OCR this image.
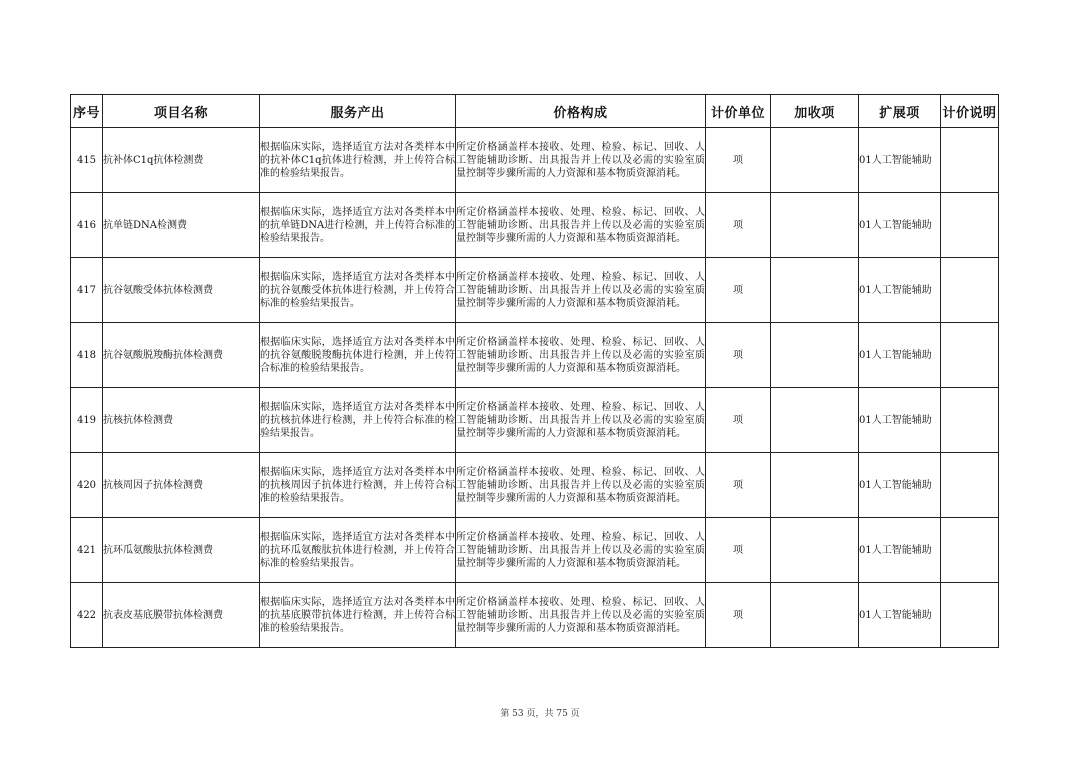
序号	项目名称	服务产出	价格构成	计价单位	加收项	扩展项	计价说明
415	抗补体C1q抗体检测费	根据临床实际，选择适宜方法对各类样本中的抗补体C1q抗体进行检测，并上传符合标准的检验结果报告。	所定价格涵盖样本接收、处理、检验、标记、回收、人工智能辅助诊断、出具报告并上传以及必需的实验室质量控制等步骤所需的人力资源和基本物质资源消耗。	项		01人工智能辅助	
416	抗单链DNA检测费	根据临床实际，选择适宜方法对各类样本中的抗单链DNA进行检测，并上传符合标准的检验结果报告。	所定价格涵盖样本接收、处理、检验、标记、回收、人工智能辅助诊断、出具报告并上传以及必需的实验室质量控制等步骤所需的人力资源和基本物质资源消耗。	项		01人工智能辅助	
417	抗谷氨酸受体抗体检测费	根据临床实际，选择适宜方法对各类样本中的抗谷氨酸受体抗体进行检测，并上传符合标准的检验结果报告。	所定价格涵盖样本接收、处理、检验、标记、回收、人工智能辅助诊断、出具报告并上传以及必需的实验室质量控制等步骤所需的人力资源和基本物质资源消耗。	项		01人工智能辅助	
418	抗谷氨酸脱羧酶抗体检测费	根据临床实际，选择适宜方法对各类样本中的抗谷氨酸脱羧酶抗体进行检测，并上传符合标准的检验结果报告。	所定价格涵盖样本接收、处理、检验、标记、回收、人工智能辅助诊断、出具报告并上传以及必需的实验室质量控制等步骤所需的人力资源和基本物质资源消耗。	项		01人工智能辅助	
419	抗核抗体检测费	根据临床实际，选择适宜方法对各类样本中的抗核抗体进行检测，并上传符合标准的检验结果报告。	所定价格涵盖样本接收、处理、检验、标记、回收、人工智能辅助诊断、出具报告并上传以及必需的实验室质量控制等步骤所需的人力资源和基本物质资源消耗。	项		01人工智能辅助	
420	抗核周因子抗体检测费	根据临床实际，选择适宜方法对各类样本中的抗核周因子抗体进行检测，并上传符合标准的检验结果报告。	所定价格涵盖样本接收、处理、检验、标记、回收、人工智能辅助诊断、出具报告并上传以及必需的实验室质量控制等步骤所需的人力资源和基本物质资源消耗。	项		01人工智能辅助	
421	抗环瓜氨酸肽抗体检测费	根据临床实际，选择适宜方法对各类样本中的抗环瓜氨酸肽抗体进行检测，并上传符合标准的检验结果报告。	所定价格涵盖样本接收、处理、检验、标记、回收、人工智能辅助诊断、出具报告并上传以及必需的实验室质量控制等步骤所需的人力资源和基本物质资源消耗。	项		01人工智能辅助	
422	抗表皮基底膜带抗体检测费	根据临床实际，选择适宜方法对各类样本中的抗基底膜带抗体进行检测，并上传符合标准的检验结果报告。	所定价格涵盖样本接收、处理、检验、标记、回收、人工智能辅助诊断、出具报告并上传以及必需的实验室质量控制等步骤所需的人力资源和基本物质资源消耗。	项		01人工智能辅助	
第 53 页，共 75 页
